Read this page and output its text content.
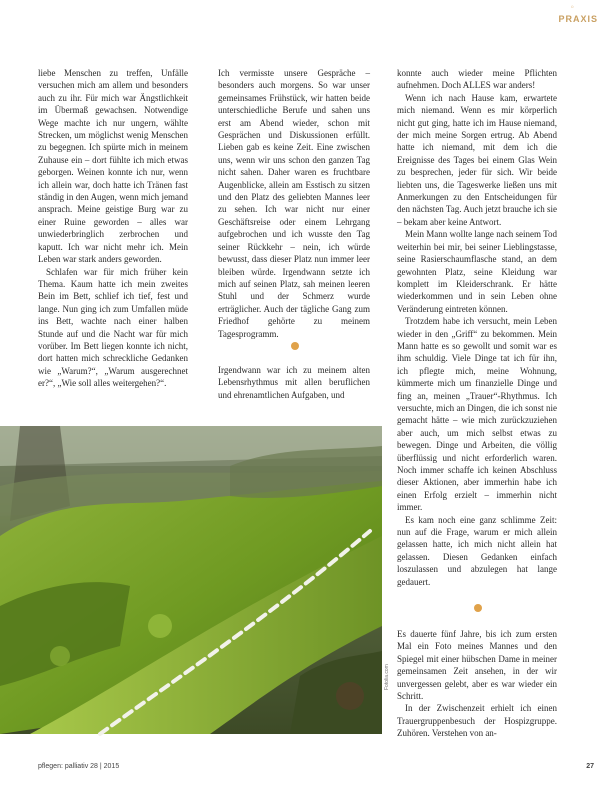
◦
PRAXIS

liebe Menschen zu treffen, Unfälle versuchen mich am allem und besonders auch zu ihr. Für mich war Ängstlichkeit im Übermaß gewachsen. Notwendige Wege machte ich nur ungern, wählte Strecken, um möglichst wenig Menschen zu begegnen. Ich spürte mich in meinem Zuhause ein – dort fühlte ich mich etwas geborgen. Weinen konnte ich nur, wenn ich allein war, doch hatte ich Tränen fast ständig in den Augen, wenn mich jemand ansprach. Meine geistige Burg war zu einer Ruine geworden – alles war unwiederbringlich zerbrochen und kaputt. Ich war nicht mehr ich. Mein Leben war stark anders geworden.

Schlafen war für mich früher kein Thema. Kaum hatte ich mein zweites Bein im Bett, schlief ich tief, fest und lange. Nun ging ich zum Umfallen müde ins Bett, wachte nach einer halben Stunde auf und die Nacht war für mich vorüber. Im Bett liegen konnte ich nicht, dort hatten mich schreckliche Gedanken wie „Warum?“, „Warum ausgerechnet er?“, „Wie soll alles weitergehen?“.

Ich vermisste unsere Gespräche – besonders auch morgens. So war unser gemeinsames Frühstück, wir hatten beide unterschiedliche Berufe und sahen uns erst am Abend wieder, schon mit Gesprächen und Diskussionen erfüllt. Lieben gab es keine Zeit. Eine zwischen uns, wenn wir uns schon den ganzen Tag nicht sahen. Daher waren es fruchtbare Augenblicke, allein am Esstisch zu sitzen und den Platz des geliebten Mannes leer zu sehen. Ich war nicht nur einer Geschäftsreise oder einem Lehrgang aufgebrochen und ich wusste den Tag seiner Rückkehr – nein, ich würde bewusst, dass dieser Platz nun immer leer bleiben würde. Irgendwann setzte ich mich auf seinen Platz, sah meinen leeren Stuhl und der Schmerz wurde erträglicher. Auch der tägliche Gang zum Friedhof gehörte zu meinem Tagesprogramm.

Irgendwann war ich zu meinem alten Lebensrhythmus mit allen beruflichen und ehrenamtlichen Aufgaben, und

konnte auch wieder meine Pflichten aufnehmen. Doch ALLES war anders!

Wenn ich nach Hause kam, erwartete mich niemand. Wenn es mir körperlich nicht gut ging, hatte ich im Hause niemand, der mich meine Sorgen ertrug. Ab Abend hatte ich niemand, mit dem ich die Ereignisse des Tages bei einem Glas Wein zu besprechen, jeder für sich. Wir beide liebten uns, die Tageswerke ließen uns mit Anmerkungen zu den Entscheidungen für den nächsten Tag. Auch jetzt brauche ich sie – bekam aber keine Antwort.

Mein Mann wollte lange nach seinem Tod weiterhin bei mir, bei seiner Lieblingstasse, seine Rasierschaumflasche stand, an dem gewohnten Platz, seine Kleidung war komplett im Kleiderschrank. Er hätte wiederkommen und in sein Leben ohne Veränderung eintreten können.

Trotzdem habe ich versucht, mein Leben wieder in den „Griff“ zu bekommen. Mein Mann hatte es so gewollt und somit war es ihm schuldig. Viele Dinge tat ich für ihn, ich pflegte mich, meine Wohnung, kümmerte mich um finanzielle Dinge und fing an, meinen „Trauer“-Rhythmus. Ich versuchte, mich an Dingen, die ich sonst nie gemacht hätte – wie mich zurückzuziehen aber auch, um mich selbst etwas zu bewegen. Dinge und Arbeiten, die völlig überflüssig und nicht erforderlich waren. Noch immer schaffe ich keinen Abschluss dieser Aktionen, aber immerhin habe ich einen Erfolg erzielt – immerhin nicht immer.

Es kam noch eine ganz schlimme Zeit: nun auf die Frage, warum er mich allein gelassen hatte, ich mich nicht allein hat gelassen. Diesen Gedanken einfach loszulassen und abzulegen hat lange gedauert.

Es dauerte fünf Jahre, bis ich zum ersten Mal ein Foto meines Mannes und den Spiegel mit einer hübschen Dame in meiner gemeinsamen Zeit ansehen, in der wir unvergessen gelebt, aber es war wieder ein Schritt.

In der Zwischenzeit erhielt ich einen Trauergruppenbesuch der Hospizgruppe. Zuhören. Verstehen von an-

Fotolia.com
pflegen: palliativ 28 | 2015	27
